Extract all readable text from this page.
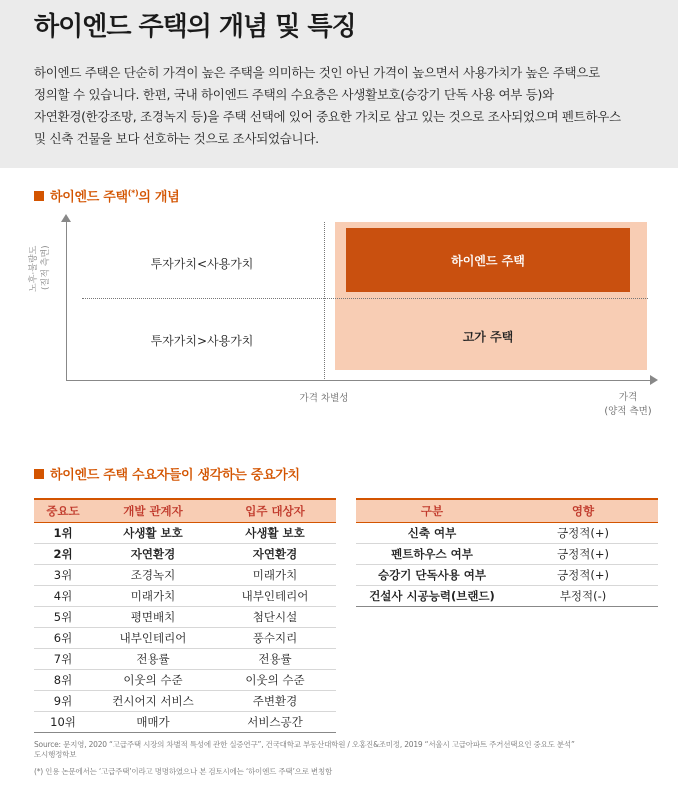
하이엔드 주택의 개념 및 특징
하이엔드 주택은 단순히 가격이 높은 주택을 의미하는 것인 아닌 가격이 높으면서 사용가치가 높은 주택으로
정의할 수 있습니다. 한편, 국내 하이엔드 주택의 수요층은 사생활보호(승강기 단독 사용 여부 등)와
자연환경(한강조망, 조경녹지 등)을 주택 선택에 있어 중요한 가치로 삼고 있는 것으로 조사되었으며 펜트하우스
및 신축 건물을 보다 선호하는 것으로 조사되었습니다.
하이엔드 주택(*)의 개념
노후·불량도 (질적 측면)	하이엔드 주택
고가 주택
투자가치<사용가치
투자가치>사용가치
가격 차별성	가격
(양적 측면)
하이엔드 주택 수요자들이 생각하는 중요가치
중요도	개발 관계자	입주 대상자
1위	사생활 보호	사생활 보호
2위	자연환경	자연환경
3위	조경녹지	미래가치
4위	미래가치	내부인테리어
5위	평면배치	첨단시설
6위	내부인테리어	풍수지리
7위	전용률	전용률
8위	이웃의 수준	이웃의 수준
9위	컨시어지 서비스	주변환경
10위	매매가	서비스공간
구분	영향
신축 여부	긍정적(+)
펜트하우스 여부	긍정적(+)
승강기 단독사용 여부	긍정적(+)
건설사 시공능력(브랜드)	부정적(-)
Source: 문지영, 2020 “고급주택 시장의 차별적 특성에 관한 실증연구”, 건국대학교 부동산대학원 / 오홍진&조미정, 2019 “서울시 고급아파트 주거선택요인 중요도 분석”
도시행정학보
(*) 인용 논문에서는 ‘고급주택’이라고 명명하였으나 본 검토시에는 ‘하이엔드 주택’으로 변칭함
